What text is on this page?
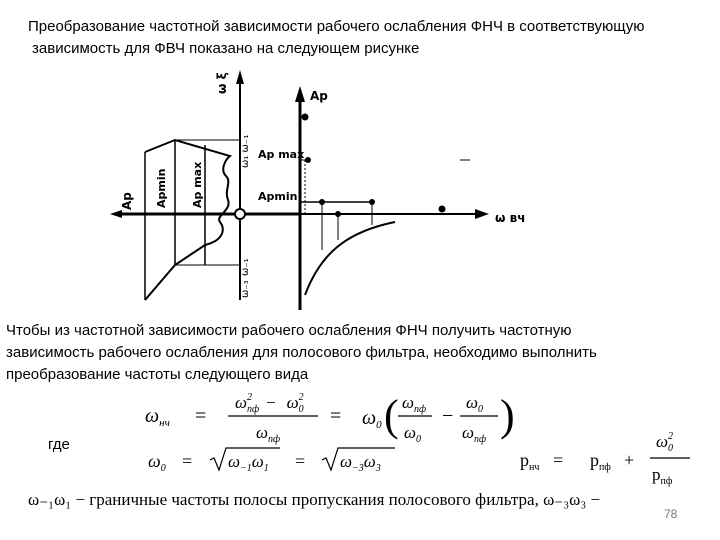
Преобразование частотной зависимости рабочего ослабления ФНЧ в соответствующую

зависимость для ФВЧ показано на следующем рисунке

ω ξ
Ap
Ap max
Apmin
ω вч
Ap Apmin Ap max
ω₁ ω₋₁
ω₋₁
ω₋₃

Чтобы из частотной зависимости рабочего ослабления ФНЧ получить частотную
зависимость рабочего ослабления для полосового фильтра, необходимо выполнить
преобразование частоты следующего вида

$\omega_{нч}$ =
$\omega^2$ пф − $\omega^2$ 0
$\omega_{пф}$
= $\omega_0$ ( $\omega_{пф}$
$\omega_0$
−
$\omega_0$
$\omega_{пф}$ )
$\omega_0 = \omega_{-1}\omega_1 = \omega_{-3}\omega_3$	$p_{нч} = p_{пф}$ +
$\omega^2$ 0
$p_{пф}$
где
ω₋₁ω₁ − граничные частоты полосы пропускания полосового фильтра, ω₋₃ω₃ −
78
